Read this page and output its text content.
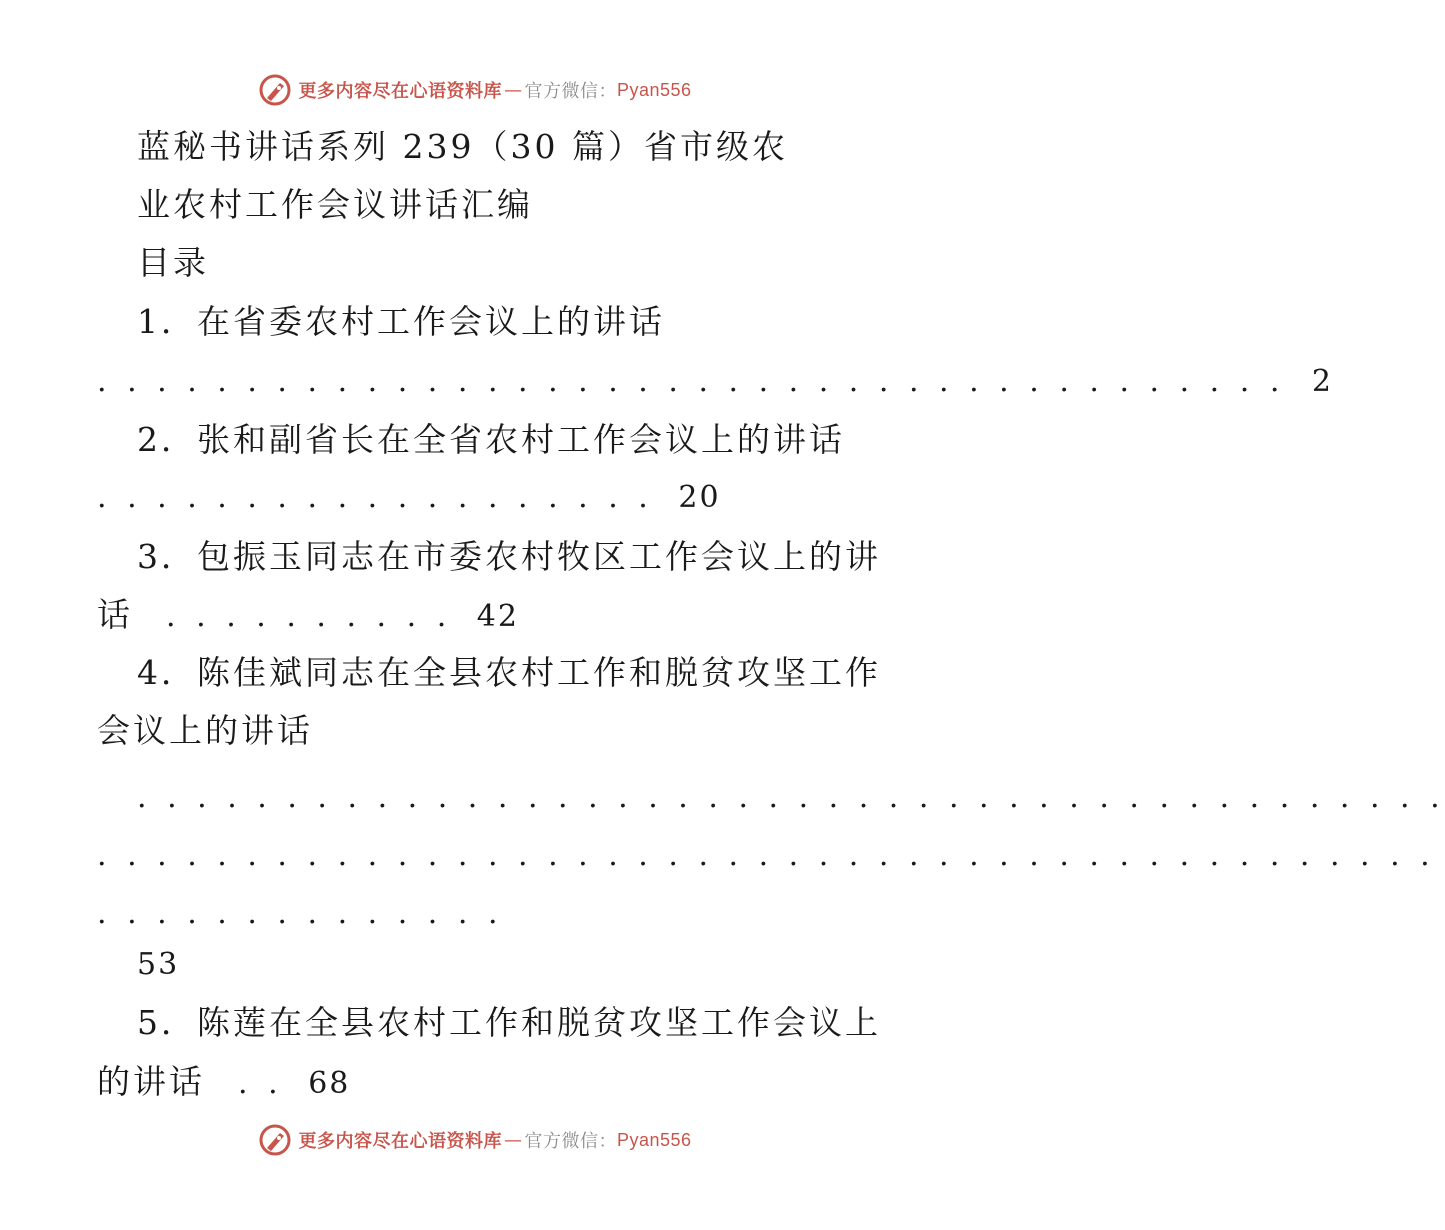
更多内容尽在心语资料库 — 官方微信： Pyan556
蓝秘书讲话系列 239（30 篇）省市级农
业农村工作会议讲话汇编
目录
1．在省委农村工作会议上的讲话
. . . . . . . . . . . . . . . . . . . . . . . . . . . . . . . . . . . . . . . . 2
2．张和副省长在全省农村工作会议上的讲话
. . . . . . . . . . . . . . . . . . . 20
3．包振玉同志在市委农村牧区工作会议上的讲
话 . . . . . . . . . . 42
4．陈佳斌同志在全县农村工作和脱贫攻坚工作
会议上的讲话
. . . . . . . . . . . . . . . . . . . . . . . . . . . . . . . . . . . . . . . . . . . .
. . . . . . . . . . . . . . . . . . . . . . . . . . . . . . . . . . . . . . . . . . . . .
. . . . . . . . . . . . . .
53
5．陈莲在全县农村工作和脱贫攻坚工作会议上
的讲话 . . 68
更多内容尽在心语资料库 — 官方微信： Pyan556
